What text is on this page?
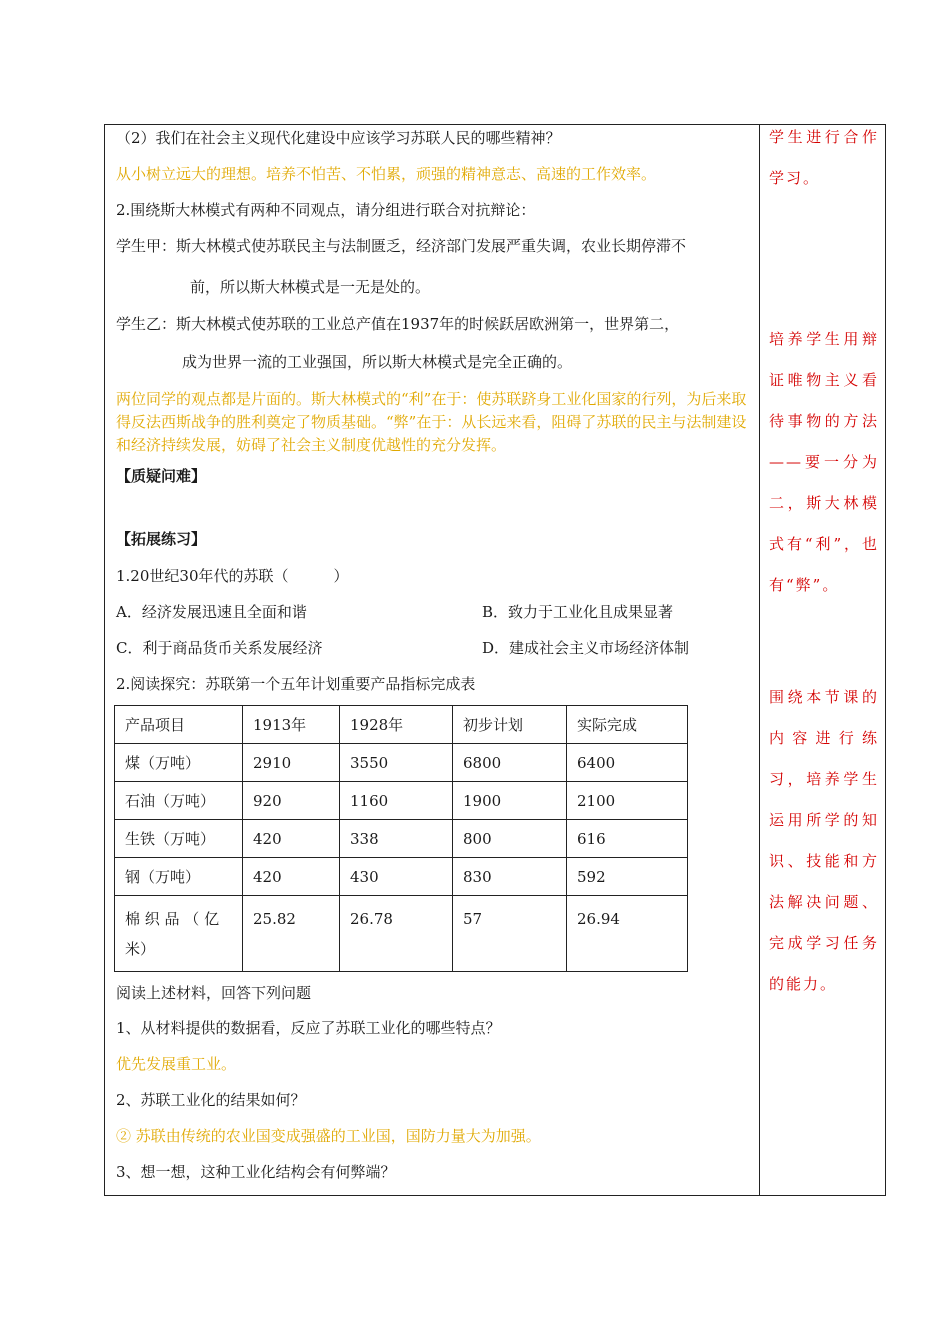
（2）我们在社会主义现代化建设中应该学习苏联人民的哪些精神？
从小树立远大的理想。培养不怕苦、不怕累，顽强的精神意志、高速的工作效率。
2.围绕斯大林模式有两种不同观点，请分组进行联合对抗辩论：
学生甲：斯大林模式使苏联民主与法制匮乏，经济部门发展严重失调，农业长期停滞不
前，所以斯大林模式是一无是处的。
学生乙：斯大林模式使苏联的工业总产值在1937年的时候跃居欧洲第一，世界第二，
成为世界一流的工业强国，所以斯大林模式是完全正确的。
两位同学的观点都是片面的。斯大林模式的“利”在于：使苏联跻身工业化国家的行列，为后来取得反法西斯战争的胜利奠定了物质基础。“弊”在于：从长远来看，阻碍了苏联的民主与法制建设和经济持续发展，妨碍了社会主义制度优越性的充分发挥。
【质疑问难】
【拓展练习】
1.20世纪30年代的苏联（　　　）
A．经济发展迅速且全面和谐	B．致力于工业化且成果显著
C．利于商品货币关系发展经济	D．建成社会主义市场经济体制
2.阅读探究：苏联第一个五年计划重要产品指标完成表
产品项目	1913年	1928年	初步计划	实际完成
煤（万吨）	2910	3550	6800	6400
石油（万吨）	920	1160	1900	2100
生铁（万吨）	420	338	800	616
钢（万吨）	420	430	830	592
棉 织 品 （ 亿米）	25.82	26.78	57	26.94
阅读上述材料，回答下列问题
1、从材料提供的数据看，反应了苏联工业化的哪些特点？
优先发展重工业。
2、苏联工业化的结果如何？
② 苏联由传统的农业国变成强盛的工业国，国防力量大为加强。
3、想一想，这种工业化结构会有何弊端？
学生进行合作学习。
培养学生用辩证唯物主义看待事物的方法——要一分为二，斯大林模式有“利”，也有“弊”。
围绕本节课的内容进行练习，培养学生运用所学的知识、技能和方法解决问题、完成学习任务的能力。
